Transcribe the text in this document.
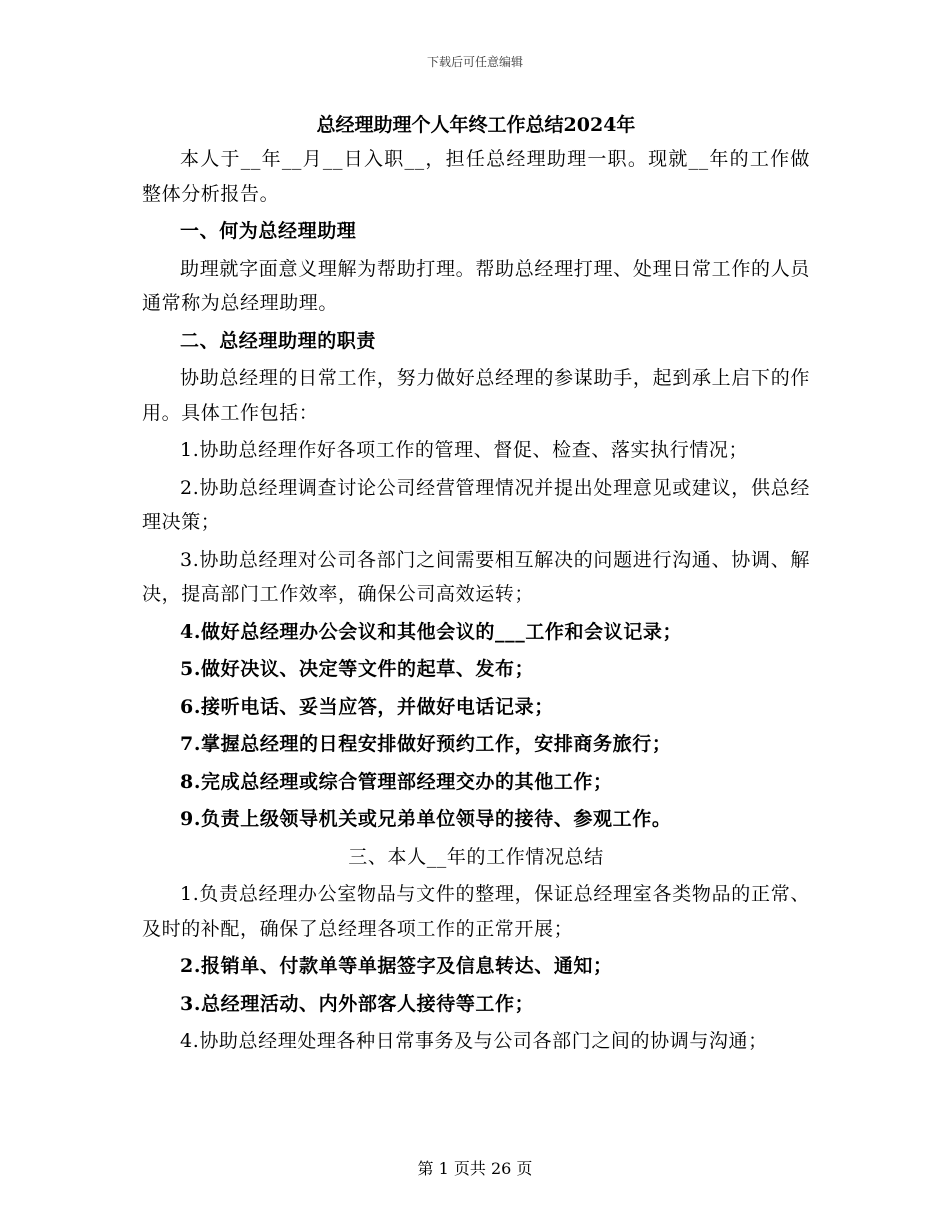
下载后可任意编辑
总经理助理个人年终工作总结2024年

本人于__年__月__日入职__，担任总经理助理一职。现就__年的工作做整体分析报告。

一、何为总经理助理

助理就字面意义理解为帮助打理。帮助总经理打理、处理日常工作的人员通常称为总经理助理。

二、总经理助理的职责

协助总经理的日常工作，努力做好总经理的参谋助手，起到承上启下的作用。具体工作包括：

1.协助总经理作好各项工作的管理、督促、检查、落实执行情况；

2.协助总经理调查讨论公司经营管理情况并提出处理意见或建议，供总经理决策；

3.协助总经理对公司各部门之间需要相互解决的问题进行沟通、协调、解决，提高部门工作效率，确保公司高效运转；

4.做好总经理办公会议和其他会议的___工作和会议记录；

5.做好决议、决定等文件的起草、发布；

6.接听电话、妥当应答，并做好电话记录；

7.掌握总经理的日程安排做好预约工作，安排商务旅行；

8.完成总经理或综合管理部经理交办的其他工作；

9.负责上级领导机关或兄弟单位领导的接待、参观工作。

三、本人__年的工作情况总结

1.负责总经理办公室物品与文件的整理，保证总经理室各类物品的正常、及时的补配，确保了总经理各项工作的正常开展；

2.报销单、付款单等单据签字及信息转达、通知；

3.总经理活动、内外部客人接待等工作；

4.协助总经理处理各种日常事务及与公司各部门之间的协调与沟通；

第 1 页共 26 页
